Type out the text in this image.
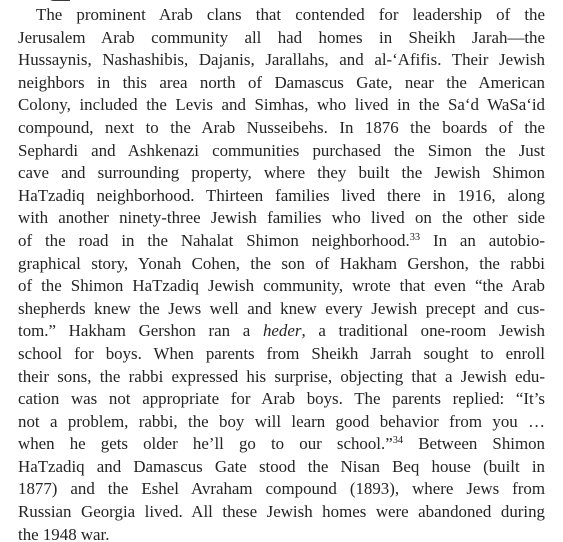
The prominent Arab clans that contended for leadership of the
Jerusalem Arab community all had homes in Sheikh Jarah—the
Hussaynis, Nashashibis, Dajanis, Jarallahs, and al-‘Afifis. Their Jewish
neighbors in this area north of Damascus Gate, near the American
Colony, included the Levis and Simhas, who lived in the Sa‘d WaSa‘id
compound, next to the Arab Nusseibehs. In 1876 the boards of the
Sephardi and Ashkenazi communities purchased the Simon the Just
cave and surrounding property, where they built the Jewish Shimon
HaTzadiq neighborhood. Thirteen families lived there in 1916, along
with another ninety-three Jewish families who lived on the other side
of the road in the Nahalat Shimon neighborhood.$^{33}$ In an autobio-
graphical story, Yonah Cohen, the son of Hakham Gershon, the rabbi
of the Shimon HaTzadiq Jewish community, wrote that even “the Arab
shepherds knew the Jews well and knew every Jewish precept and cus-
tom.” Hakham Gershon ran a heder, a traditional one-room Jewish
school for boys. When parents from Sheikh Jarrah sought to enroll
their sons, the rabbi expressed his surprise, objecting that a Jewish edu-
cation was not appropriate for Arab boys. The parents replied: “It’s
not a problem, rabbi, the boy will learn good behavior from you …
when he gets older he’ll go to our school.”$^{34}$ Between Shimon
HaTzadiq and Damascus Gate stood the Nisan Beq house (built in
1877) and the Eshel Avraham compound (1893), where Jews from
Russian Georgia lived. All these Jewish homes were abandoned during
the 1948 war.
